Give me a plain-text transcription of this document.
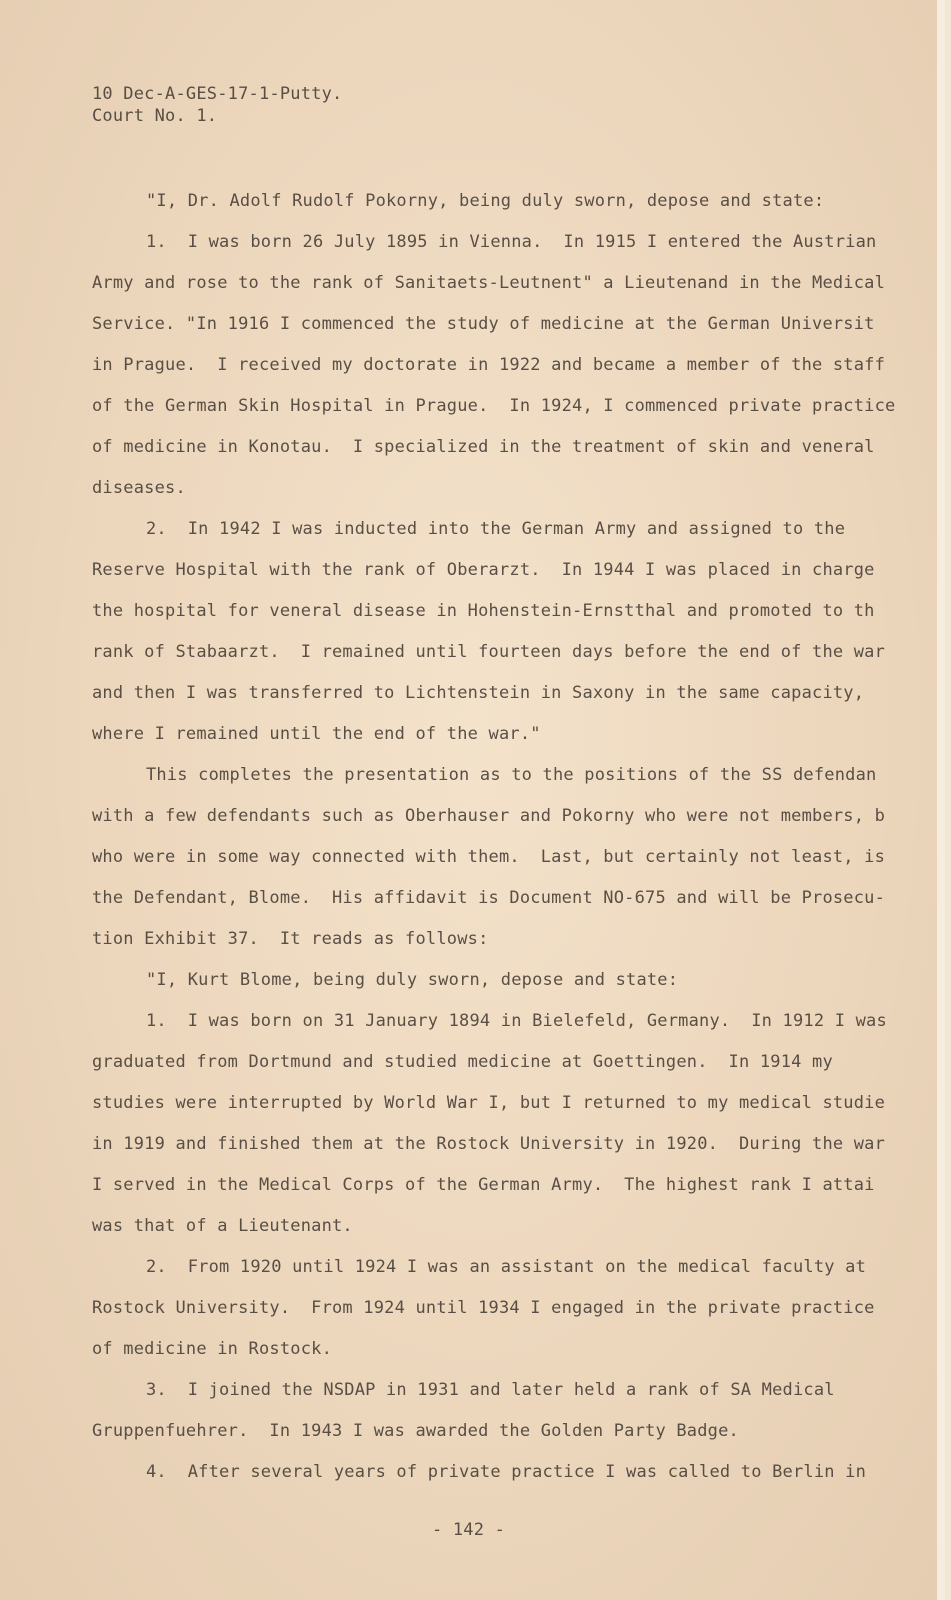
10 Dec-A-GES-17-1-Putty.
Court No. 1.
"I, Dr. Adolf Rudolf Pokorny, being duly sworn, depose and state:
1.  I was born 26 July 1895 in Vienna.  In 1915 I entered the Austrian
Army and rose to the rank of Sanitaets-Leutnent" a Lieutenand in the Medical
Service. "In 1916 I commenced the study of medicine at the German Universit
in Prague.  I received my doctorate in 1922 and became a member of the staff
of the German Skin Hospital in Prague.  In 1924, I commenced private practice
of medicine in Konotau.  I specialized in the treatment of skin and veneral
diseases.
2.  In 1942 I was inducted into the German Army and assigned to the
Reserve Hospital with the rank of Oberarzt.  In 1944 I was placed in charge
the hospital for veneral disease in Hohenstein-Ernstthal and promoted to th
rank of Stabaarzt.  I remained until fourteen days before the end of the war
and then I was transferred to Lichtenstein in Saxony in the same capacity,
where I remained until the end of the war."
This completes the presentation as to the positions of the SS defendan
with a few defendants such as Oberhauser and Pokorny who were not members, b
who were in some way connected with them.  Last, but certainly not least, is
the Defendant, Blome.  His affidavit is Document NO-675 and will be Prosecu-
tion Exhibit 37.  It reads as follows:
"I, Kurt Blome, being duly sworn, depose and state:
1.  I was born on 31 January 1894 in Bielefeld, Germany.  In 1912 I was
graduated from Dortmund and studied medicine at Goettingen.  In 1914 my
studies were interrupted by World War I, but I returned to my medical studie
in 1919 and finished them at the Rostock University in 1920.  During the war
I served in the Medical Corps of the German Army.  The highest rank I attai
was that of a Lieutenant.
2.  From 1920 until 1924 I was an assistant on the medical faculty at
Rostock University.  From 1924 until 1934 I engaged in the private practice
of medicine in Rostock.
3.  I joined the NSDAP in 1931 and later held a rank of SA Medical
Gruppenfuehrer.  In 1943 I was awarded the Golden Party Badge.
4.  After several years of private practice I was called to Berlin in
- 142 -
